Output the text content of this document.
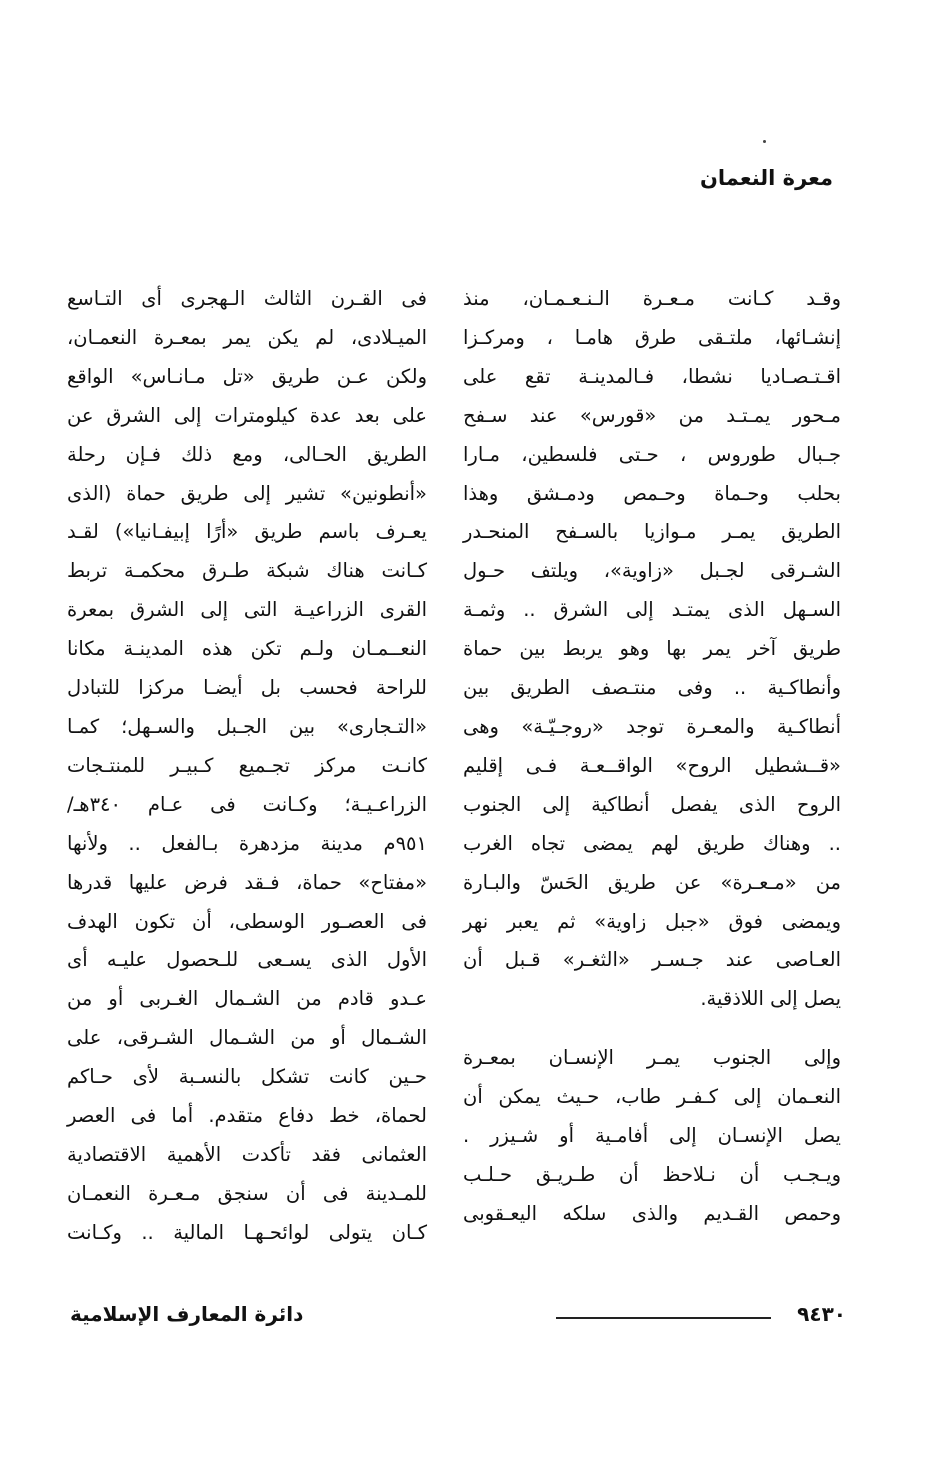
معرة النعمان

وقـد كـانت مـعـرة الـنـعـمـان، منذ
إنشـائها، ملتـقى طرق هامـا ، ومركـزا
اقـتـصـادیا نشطا، فـالمدینـة تقع على
مـحور یمـتـد من «قورس» عند سـفح
جـبال طوروس ، حـتى فلسطین، مـارا
بحلب وحـماة وحـمص ودمـشق وهذا
الطريق یمـر مـوازیا بالسـفح المنحـدر
الشـرقى لجـبل «زاویة»، ویلتف حـول
السـهل الذى یمتـد إلى الشرق .. وثمـة
طریق آخر یمر بها وهو یربط بین حماة
وأنطاكـیة .. وفى منتـصف الطریق بین
أنطاكـیة والمعـرة توجد «روجـیّـة» وهى
«قــشطیل الروح» الواقــعـة فـى إقلیم
الروح الذى یفصل أنطاكیة إلى الجنوب
.. وهناك طریق لهم یمضى تجاه الغرب
من «مـعـرة» عن طریق الحَسّ والبـارة
ویمضى فوق «جبل زاویة» ثم یعبر نهر
العـاصى عند جـسـر «الثغـر» قـبل أن
یصل إلى اللاذقیة.

وإلى الجنوب یمـر الإنسـان بمعـرة
النعـمان إلى كـفـر طاب، حـیث یمكن أن
یصل الإنسـان إلى أفامـیة أو شـیزر .
ویـجـب أن نـلاحظ أن طـریـق حـلـب
وحمص القـدیم والذى سلكه الیعـقوبى

فى القـرن الثالث الـهجرى أى التـاسع
المیـلادى، لم یكن یمر بمعـرة النعمـان،
ولكن عـن طریق «تل مـانـاس» الواقع
على بعد عدة كیلومترات إلى الشرق عن
الطریق الحـالى، ومع ذلك فـإن رحلة
«أنطونین» تشیر إلى طریق حماة (الذى
یعـرف باسم طریق «أرًا إبیفـانیا») لقـد
كـانت هناك شبكة طـرق محكمـة تربط
القرى الزراعیـة التى إلى الشرق بمعرة
النعــمـان ولـم تكن هذه المدینـة مكانا
للراحة فحسب بل أیضـا مركزا للتبادل
«التـجارى» بین الجـبل والسـهل؛ كمـا
كانـت مركز تجـمیع كـبیـر للمنتـجات
الزراعـیـة؛ وكـانت فى عـام ٣٤٠هـ/
٩٥١م مدینة مزدهرة بـالفعل .. ولأنها
«مفتاح» حماة، فـقد فرض علیها قدرها
فى العصـور الوسطى، أن تكون الهدف
الأول الذى یسـعى للـحصول علیـه أى
عـدو قادم من الشـمال الغـربى أو من
الشـمال أو من الشـمال الشـرقى، على
حـین كانت تشكل بالنسـبة لأى حـاكم
لحماة، خط دفاع متقدم. أما فى العصر
العثمانى فقد تأكدت الأهمیة الاقتصادیة
للمـدینة فى أن سنجق مـعـرة النعمـان
كـان یتولى لوائحـهـا المالیة .. وكـانت

٩٤٣٠
دائرة المعارف الإسلامية
